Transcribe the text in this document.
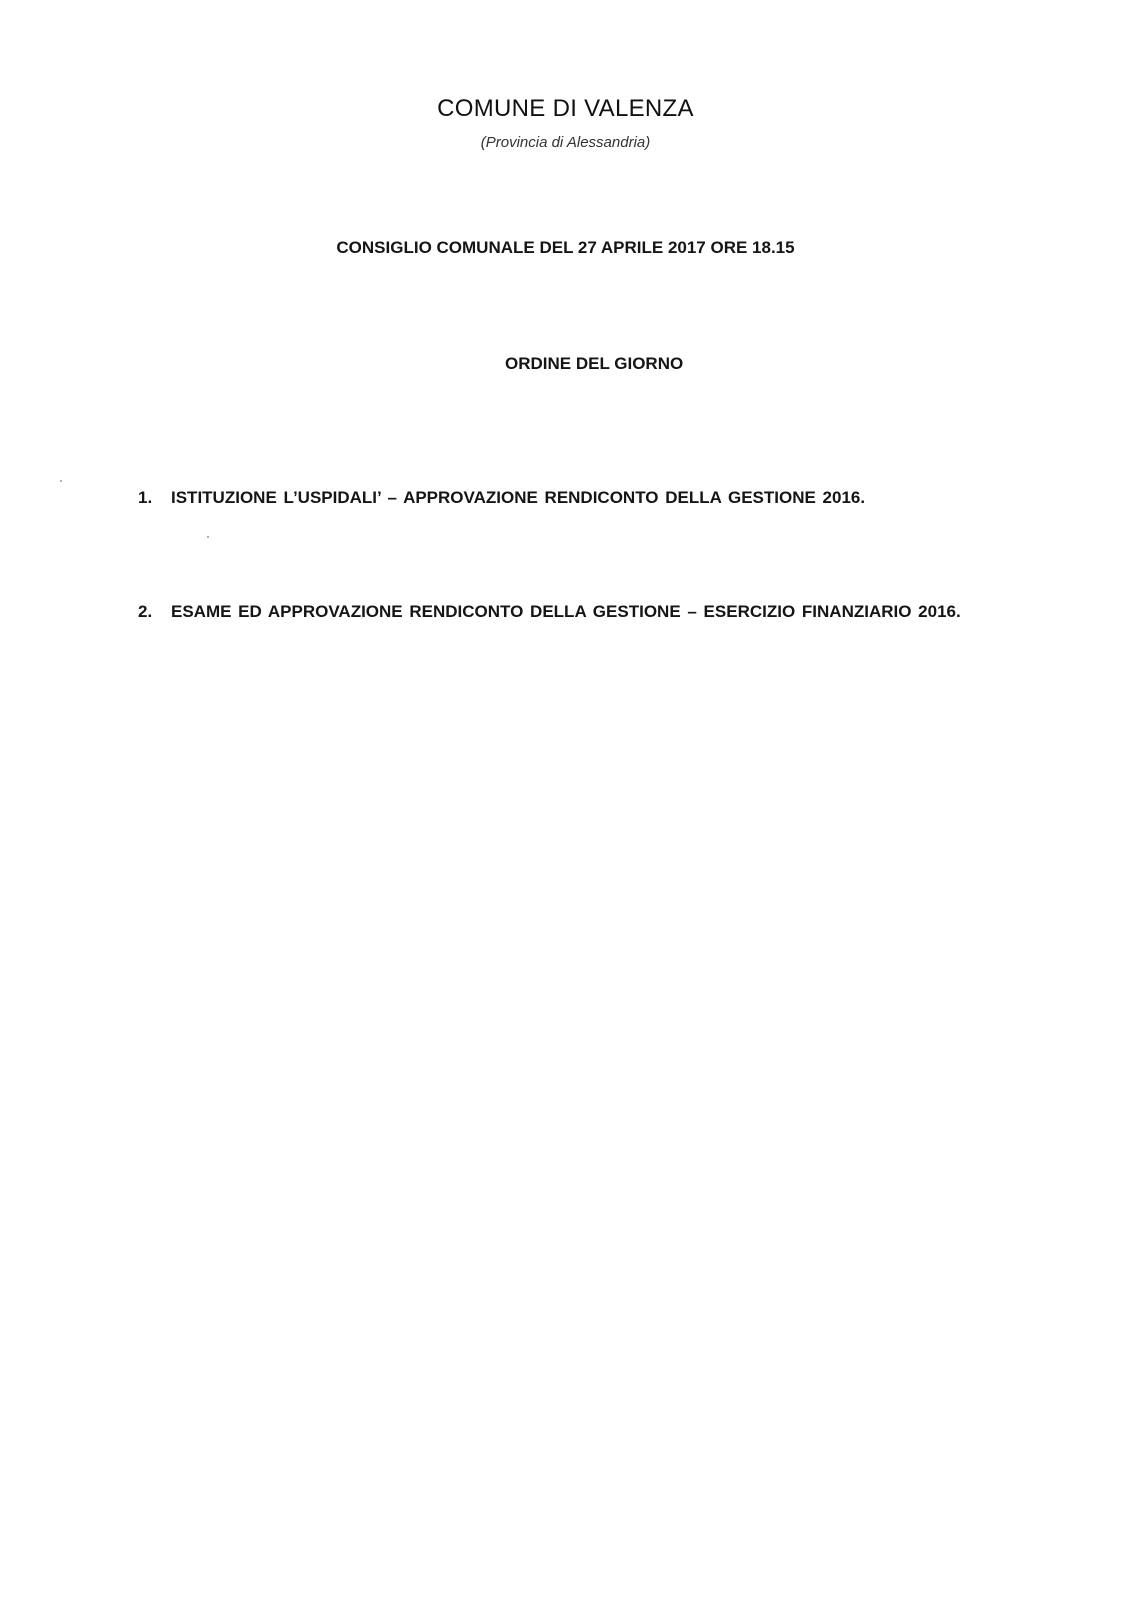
COMUNE DI VALENZA
(Provincia di Alessandria)
CONSIGLIO COMUNALE DEL 27 APRILE 2017 ORE 18.15
ORDINE DEL GIORNO
1.	ISTITUZIONE L’USPIDALI’ – APPROVAZIONE RENDICONTO DELLA GESTIONE 2016.
2.	ESAME ED APPROVAZIONE RENDICONTO DELLA GESTIONE – ESERCIZIO FINANZIARIO 2016.
